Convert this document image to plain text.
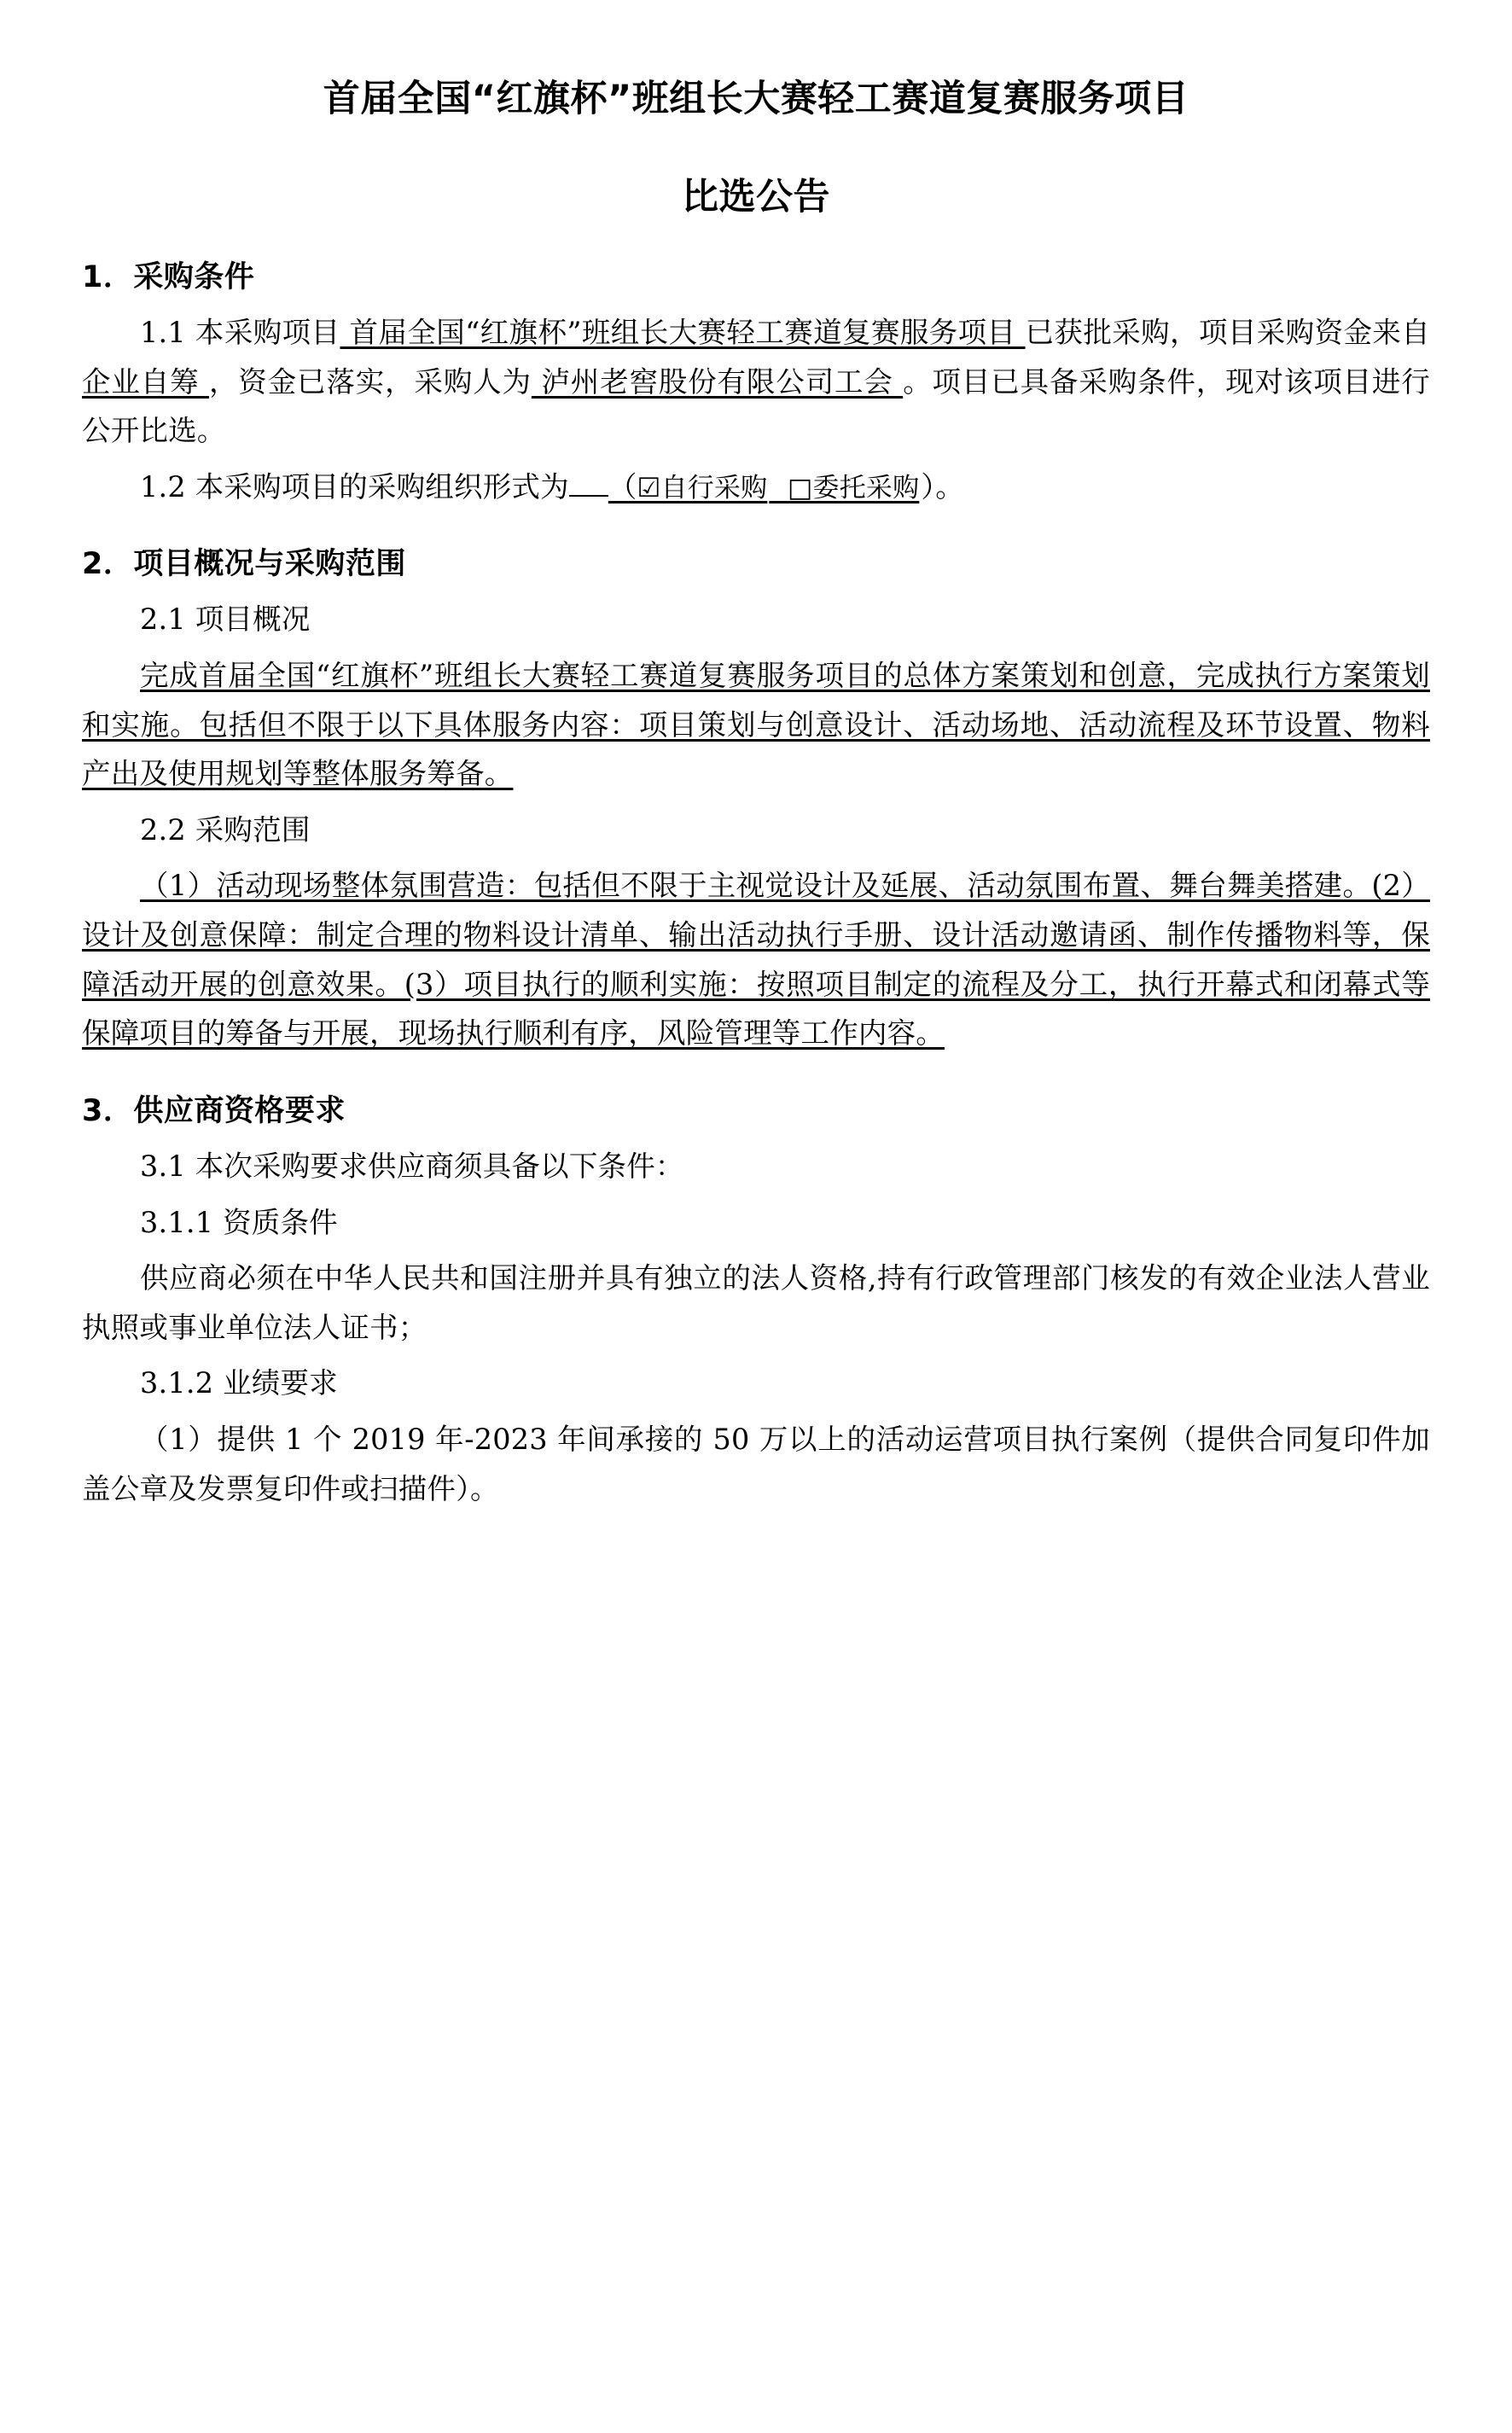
首届全国“红旗杯”班组长大赛轻工赛道复赛服务项目
比选公告
1．采购条件

1.1 本采购项目 首届全国“红旗杯”班组长大赛轻工赛道复赛服务项目 已获批采购，项目采购资金来自 企业自筹 ，资金已落实，采购人为 泸州老窖股份有限公司工会 。项目已具备采购条件，现对该项目进行公开比选。

1.2 本采购项目的采购组织形式为 （☑自行采购 □委托采购）。

2．项目概况与采购范围

2.1 项目概况

完成首届全国“红旗杯”班组长大赛轻工赛道复赛服务项目的总体方案策划和创意，完成执行方案策划和实施。包括但不限于以下具体服务内容：项目策划与创意设计、活动场地、活动流程及环节设置、物料产出及使用规划等整体服务筹备。

2.2 采购范围

（1）活动现场整体氛围营造：包括但不限于主视觉设计及延展、活动氛围布置、舞台舞美搭建。(2）设计及创意保障：制定合理的物料设计清单、输出活动执行手册、设计活动邀请函、制作传播物料等，保障活动开展的创意效果。(3）项目执行的顺利实施：按照项目制定的流程及分工，执行开幕式和闭幕式等保障项目的筹备与开展，现场执行顺利有序，风险管理等工作内容。

3．供应商资格要求

3.1 本次采购要求供应商须具备以下条件：

3.1.1 资质条件

供应商必须在中华人民共和国注册并具有独立的法人资格,持有行政管理部门核发的有效企业法人营业执照或事业单位法人证书；

3.1.2 业绩要求

（1）提供 1 个 2019 年-2023 年间承接的 50 万以上的活动运营项目执行案例（提供合同复印件加盖公章及发票复印件或扫描件）。
